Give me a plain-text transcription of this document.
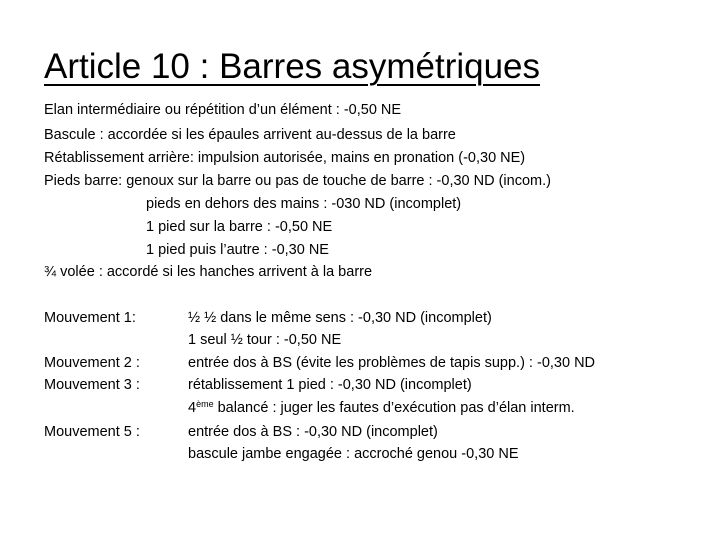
Article 10 : Barres asymétriques
Elan intermédiaire ou répétition d’un élément : -0,50 NE
Bascule : accordée si les épaules arrivent au-dessus de la barre
Rétablissement arrière: impulsion autorisée, mains en pronation (-0,30 NE)
Pieds barre: genoux sur la barre ou pas de touche de barre : -0,30 ND (incom.)
pieds en dehors des mains : -030 ND (incomplet)
1 pied sur la barre : -0,50 NE
1 pied puis l’autre : -0,30 NE
¾ volée : accordé si les hanches arrivent à la barre
Mouvement 1:
Mouvement 2 :
Mouvement 3 :
Mouvement 5 :
½ ½ dans le même sens : -0,30 ND (incomplet)
1 seul ½ tour : -0,50 NE
entrée dos à BS (évite les problèmes de tapis supp.) : -0,30 ND
rétablissement 1 pied : -0,30 ND (incomplet)
4ème balancé : juger les fautes d’exécution pas d’élan interm.
entrée dos à BS : -0,30 ND (incomplet)
bascule jambe engagée : accroché genou -0,30 NE
